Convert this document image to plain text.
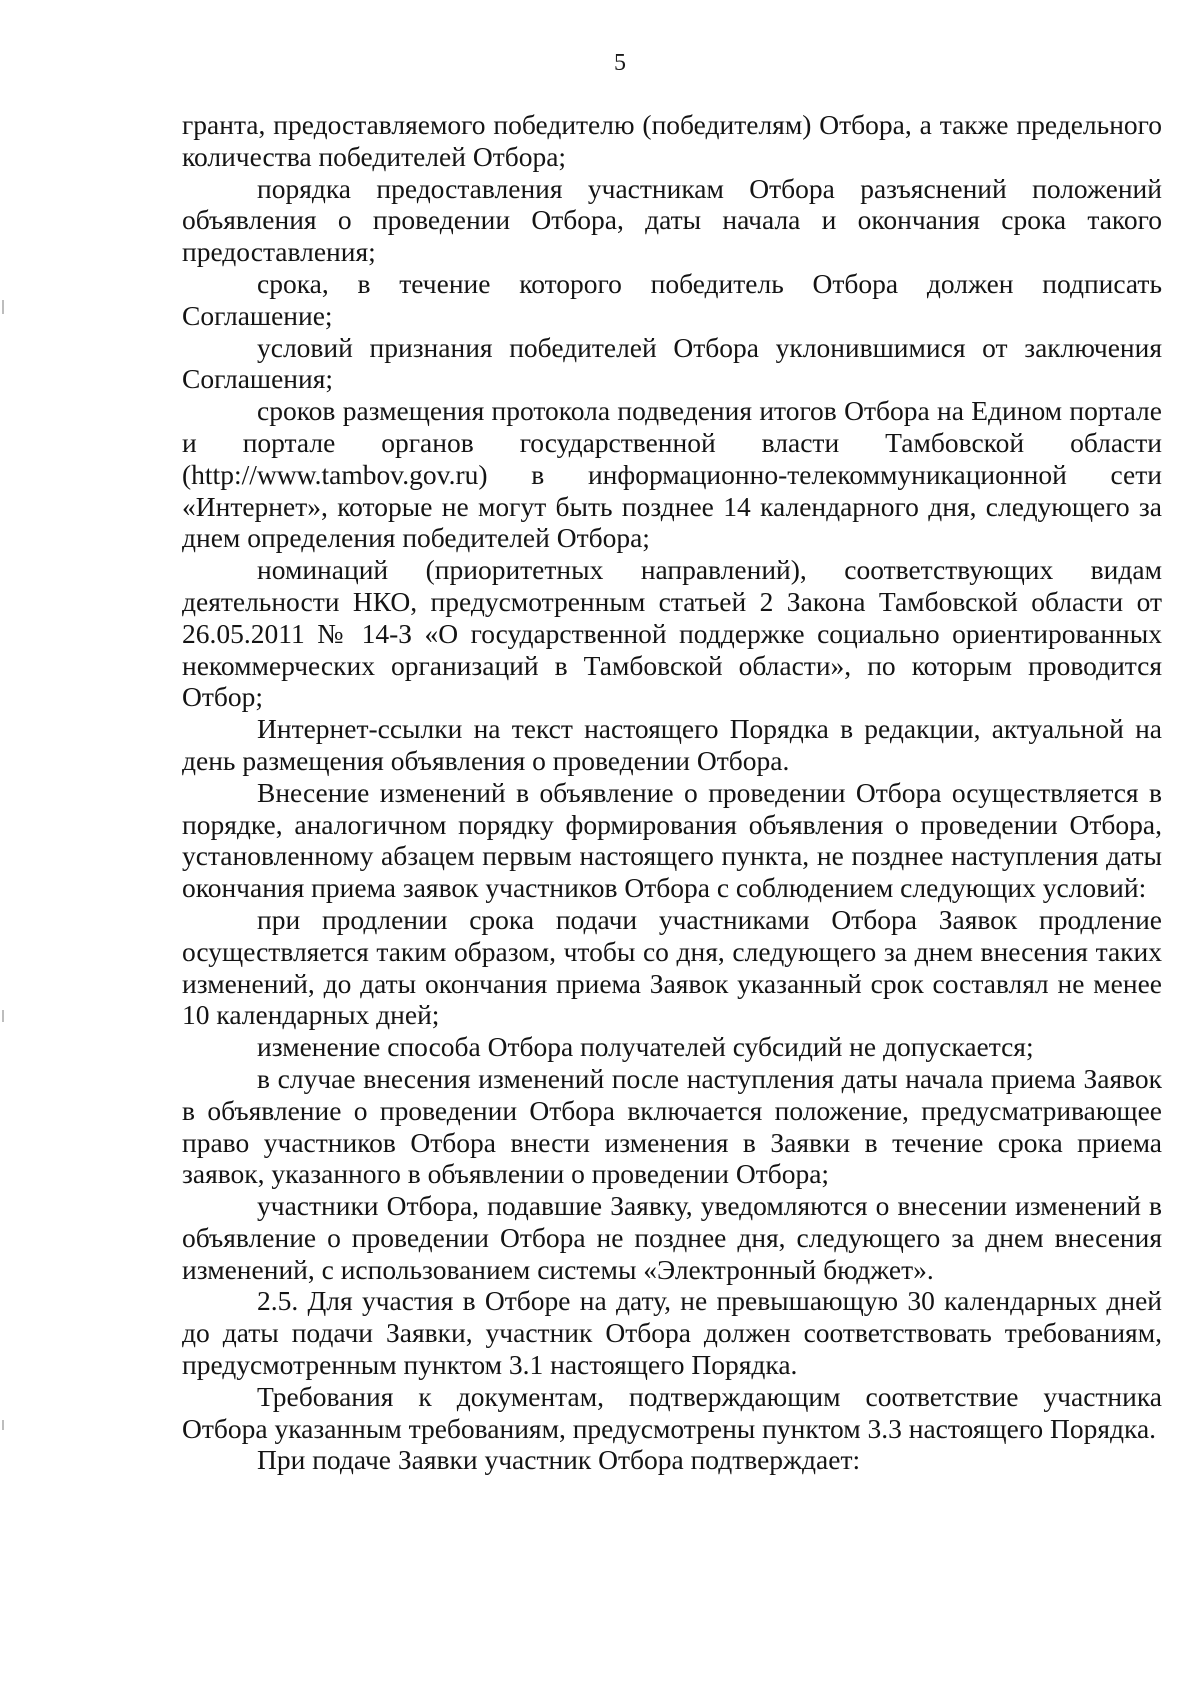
5

гранта, предоставляемого победителю (победителям) Отбора, а также предельного количества победителей Отбора;

порядка предоставления участникам Отбора разъяснений положений объявления о проведении Отбора, даты начала и окончания срока такого предоставления;

срока, в течение которого победитель Отбора должен подписать Соглашение;

условий признания победителей Отбора уклонившимися от заключения Соглашения;

сроков размещения протокола подведения итогов Отбора на Едином портале и портале органов государственной власти Тамбовской области (http://www.tambov.gov.ru) в информационно-телекоммуникационной сети «Интернет», которые не могут быть позднее 14 календарного дня, следующего за днем определения победителей Отбора;

номинаций (приоритетных направлений), соответствующих видам деятельности НКО, предусмотренным статьей 2 Закона Тамбовской области от 26.05.2011 № 14-З «О государственной поддержке социально ориентированных некоммерческих организаций в Тамбовской области», по которым проводится Отбор;

Интернет-ссылки на текст настоящего Порядка в редакции, актуальной на день размещения объявления о проведении Отбора.

Внесение изменений в объявление о проведении Отбора осуществляется в порядке, аналогичном порядку формирования объявления о проведении Отбора, установленному абзацем первым настоящего пункта, не позднее наступления даты окончания приема заявок участников Отбора с соблюдением следующих условий:

при продлении срока подачи участниками Отбора Заявок продление осуществляется таким образом, чтобы со дня, следующего за днем внесения таких изменений, до даты окончания приема Заявок указанный срок составлял не менее 10 календарных дней;

изменение способа Отбора получателей субсидий не допускается;

в случае внесения изменений после наступления даты начала приема Заявок в объявление о проведении Отбора включается положение, предусматривающее право участников Отбора внести изменения в Заявки в течение срока приема заявок, указанного в объявлении о проведении Отбора;

участники Отбора, подавшие Заявку, уведомляются о внесении изменений в объявление о проведении Отбора не позднее дня, следующего за днем внесения изменений, с использованием системы «Электронный бюджет».

2.5. Для участия в Отборе на дату, не превышающую 30 календарных дней до даты подачи Заявки, участник Отбора должен соответствовать требованиям, предусмотренным пунктом 3.1 настоящего Порядка.

Требования к документам, подтверждающим соответствие участника Отбора указанным требованиям, предусмотрены пунктом 3.3 настоящего Порядка.

При подаче Заявки участник Отбора подтверждает:
